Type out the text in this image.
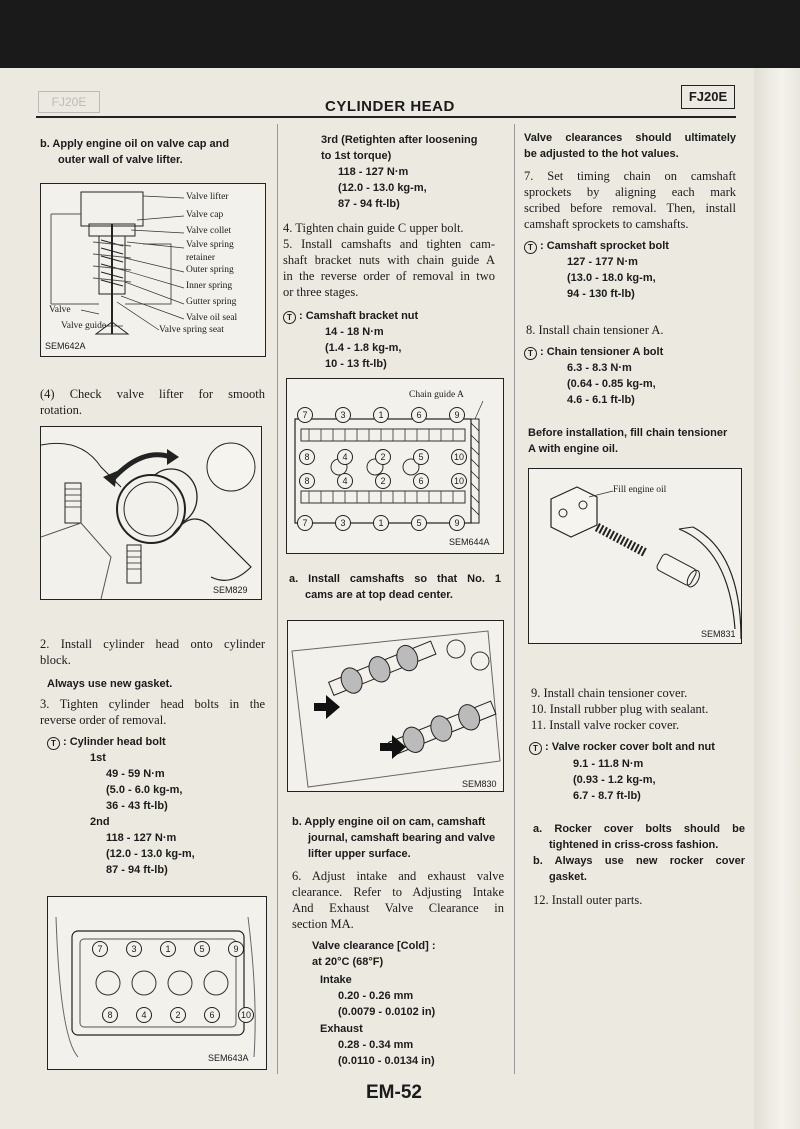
FJ20E	CYLINDER HEAD
FJ20E

b. Apply engine oil on valve cap and

outer wall of valve lifter.

Valve lifter
Valve cap
Valve collet
Valve spring
retainer
Outer spring
Inner spring
Gutter spring
Valve oil seal
Valve spring seat
Valve
Valve guide
SEM642A

(4) Check valve lifter for smooth

rotation.

SEM829

2. Install cylinder head onto cylinder

block.

Always use new gasket.

3. Tighten cylinder head bolts in the

reverse order of removal.

T : Cylinder head bolt
1st

49 - 59 N·m

(5.0 - 6.0 kg-m,

36 - 43 ft-lb)

2nd

118 - 127 N·m

(12.0 - 13.0 kg-m,

87 - 94 ft-lb)

7	3	1	5	9
8	4	2	6	10
SEM643A

3rd (Retighten after loosening

to 1st torque)

118 - 127 N·m

(12.0 - 13.0 kg-m,

87 - 94 ft-lb)

4. Tighten chain guide C upper bolt.

5. Install camshafts and tighten cam-

shaft bracket nuts with chain guide A

in the reverse order of removal in two

or three stages.

T : Camshaft bracket nut

14 - 18 N·m

(1.4 - 1.8 kg-m,

10 - 13 ft-lb)

Chain guide A
7	3	1	6	9
8	4	2	5	10
8	4	2	6	10
7	3	1	5	9
SEM644A

a. Install camshafts so that No. 1

cams are at top dead center.

SEM830

b. Apply engine oil on cam, camshaft

journal, camshaft bearing and valve

lifter upper surface.

6. Adjust intake and exhaust valve

clearance. Refer to Adjusting Intake

And Exhaust Valve Clearance in

section MA.

Valve clearance [Cold] :
at 20°C (68°F)
Intake

0.20 - 0.26 mm

(0.0079 - 0.0102 in)

Exhaust

0.28 - 0.34 mm

(0.0110 - 0.0134 in)

Valve clearances should ultimately

be adjusted to the hot values.

7. Set timing chain on camshaft

sprockets by aligning each mark

scribed before removal. Then, install

camshaft sprockets to camshafts.

T : Camshaft sprocket bolt

127 - 177 N·m

(13.0 - 18.0 kg-m,

94 - 130 ft-lb)

8. Install chain tensioner A.
T : Chain tensioner A bolt

6.3 - 8.3 N·m

(0.64 - 0.85 kg-m,

4.6 - 6.1 ft-lb)

Before installation, fill chain tensioner

A with engine oil.

Fill engine oil
SEM831
9. Install chain tensioner cover.
10. Install rubber plug with sealant.
11. Install valve rocker cover.
T : Valve rocker cover bolt and nut

9.1 - 11.8 N·m

(0.93 - 1.2 kg-m,

6.7 - 8.7 ft-lb)

a. Rocker cover bolts should be

tightened in criss-cross fashion.

b. Always use new rocker cover

gasket.

12. Install outer parts.
EM-52
